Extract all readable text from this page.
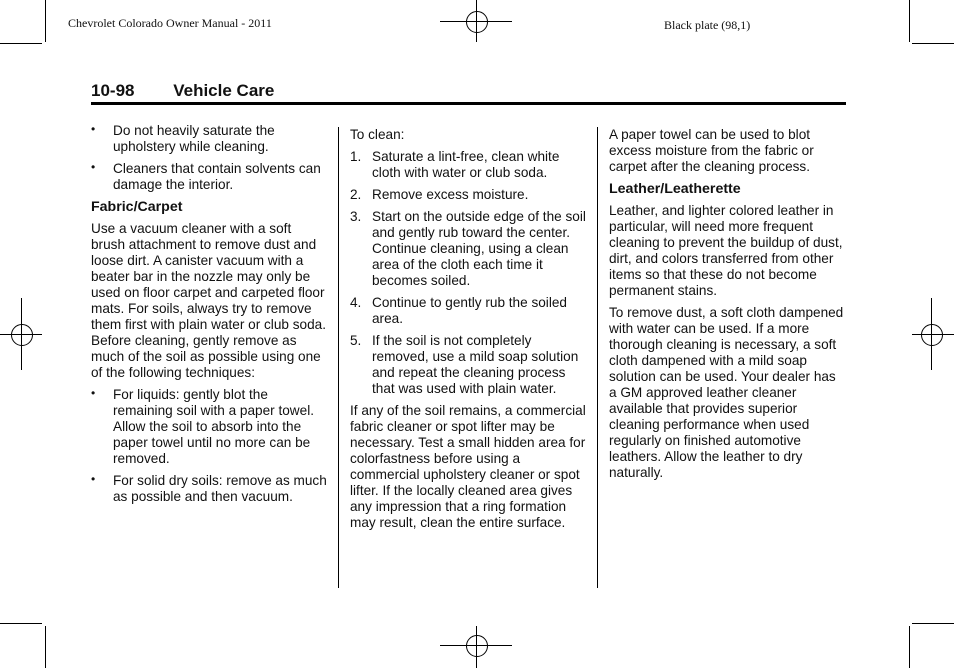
Chevrolet Colorado Owner Manual - 2011	Black plate (98,1)
10-98 Vehicle Care
• Do not heavily saturate the upholstery while cleaning.
• Cleaners that contain solvents can damage the interior.
Fabric/Carpet

Use a vacuum cleaner with a soft brush attachment to remove dust and loose dirt. A canister vacuum with a beater bar in the nozzle may only be used on floor carpet and carpeted floor mats. For soils, always try to remove them first with plain water or club soda. Before cleaning, gently remove as much of the soil as possible using one of the following techniques:

• For liquids: gently blot the remaining soil with a paper towel. Allow the soil to absorb into the paper towel until no more can be removed.
• For solid dry soils: remove as much as possible and then vacuum.

To clean:

1. Saturate a lint-free, clean white cloth with water or club soda.
2. Remove excess moisture.
3. Start on the outside edge of the soil and gently rub toward the center. Continue cleaning, using a clean area of the cloth each time it becomes soiled.
4. Continue to gently rub the soiled area.
5. If the soil is not completely removed, use a mild soap solution and repeat the cleaning process that was used with plain water.

If any of the soil remains, a commercial fabric cleaner or spot lifter may be necessary. Test a small hidden area for colorfastness before using a commercial upholstery cleaner or spot lifter. If the locally cleaned area gives any impression that a ring formation may result, clean the entire surface.

A paper towel can be used to blot excess moisture from the fabric or carpet after the cleaning process.

Leather/Leatherette

Leather, and lighter colored leather in particular, will need more frequent cleaning to prevent the buildup of dust, dirt, and colors transferred from other items so that these do not become permanent stains.

To remove dust, a soft cloth dampened with water can be used. If a more thorough cleaning is necessary, a soft cloth dampened with a mild soap solution can be used. Your dealer has a GM approved leather cleaner available that provides superior cleaning performance when used regularly on finished automotive leathers. Allow the leather to dry naturally.
